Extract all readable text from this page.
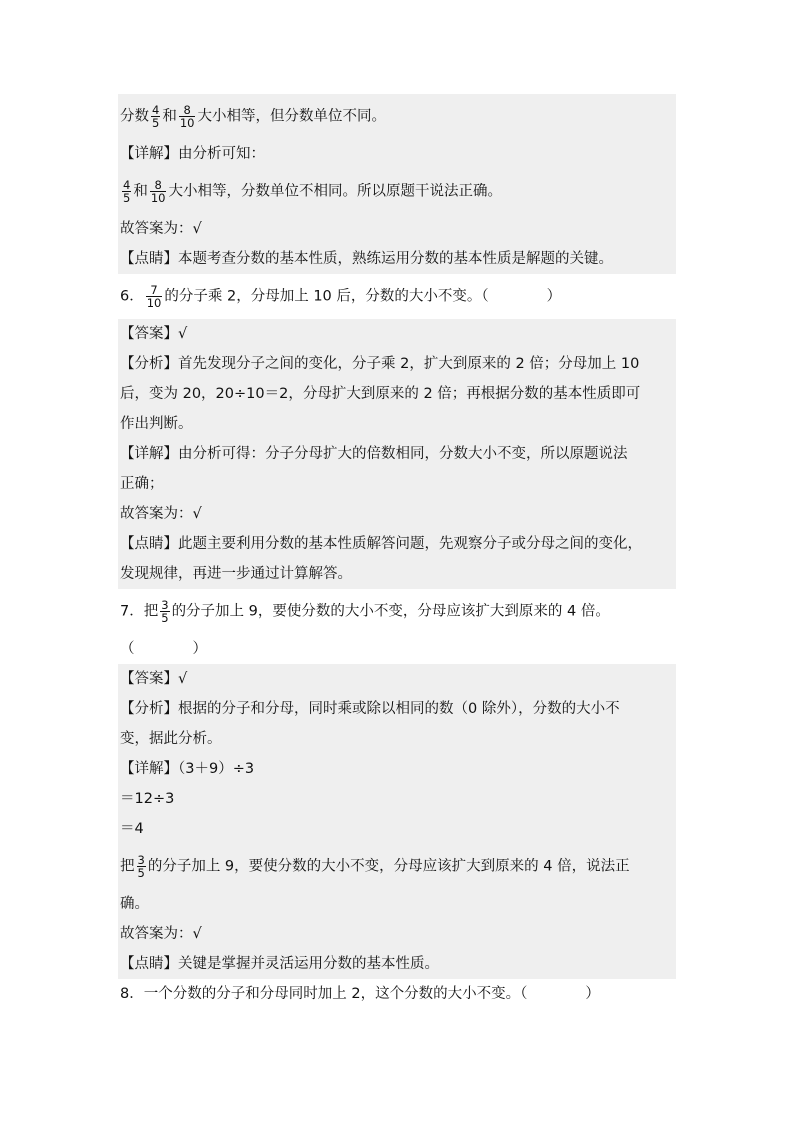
分数 $\frac{4}{5}$ 和 $\frac{8}{10}$ 大小相等，但分数单位不同。
【详解】由分析可知：
$\frac{4}{5}$ 和 $\frac{8}{10}$ 大小相等，分数单位不相同。所以原题干说法正确。
故答案为：√
【点睛】本题考查分数的基本性质，熟练运用分数的基本性质是解题的关键。
6． $\frac{7}{10}$ 的分子乘 2，分母加上 10 后，分数的大小不变。（　　　　）
【答案】√
【分析】首先发现分子之间的变化，分子乘 2，扩大到原来的 2 倍；分母加上 10
后，变为 20，20÷10＝2，分母扩大到原来的 2 倍；再根据分数的基本性质即可
作出判断。
【详解】由分析可得：分子分母扩大的倍数相同，分数大小不变，所以原题说法
正确；
故答案为：√
【点睛】此题主要利用分数的基本性质解答问题，先观察分子或分母之间的变化，
发现规律，再进一步通过计算解答。
7．把 $\frac{3}{5}$ 的分子加上 9，要使分数的大小不变，分母应该扩大到原来的 4 倍。
（　　　　）
【答案】√
【分析】根据的分子和分母，同时乘或除以相同的数（0 除外），分数的大小不
变，据此分析。
【详解】（3＋9）÷3
＝12÷3
＝4
把 $\frac{3}{5}$ 的分子加上 9，要使分数的大小不变，分母应该扩大到原来的 4 倍，说法正
确。
故答案为：√
【点睛】关键是掌握并灵活运用分数的基本性质。
8．一个分数的分子和分母同时加上 2，这个分数的大小不变。（　　　　）
